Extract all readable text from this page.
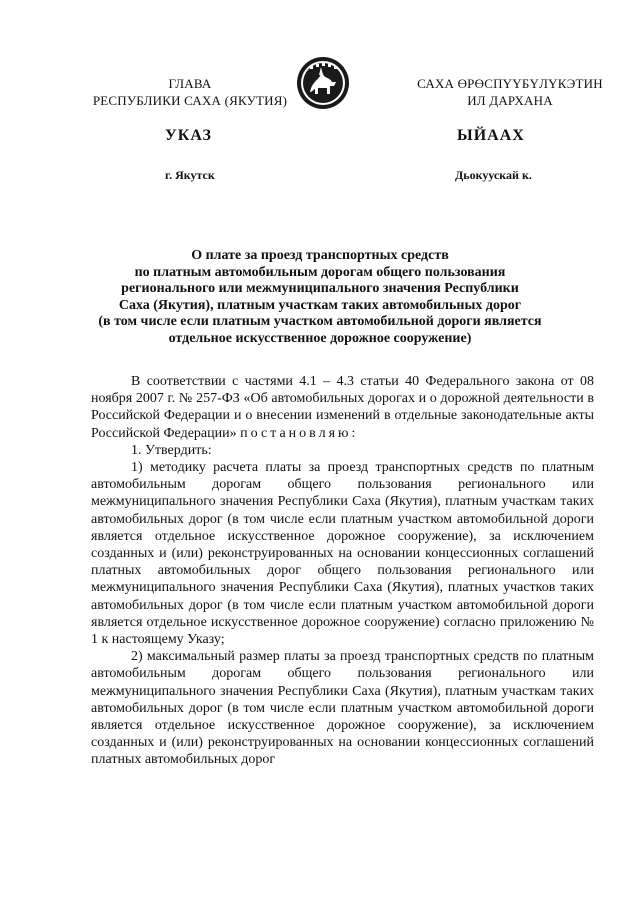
ГЛАВА
РЕСПУБЛИКИ САХА (ЯКУТИЯ)
САХА ӨРӨСПҮҮБҮЛҮКЭТИН
ИЛ ДАРХАНА
УКАЗ	ЫЙААХ
г. Якутск	Дьокуускай к.
О плате за проезд транспортных средств
по платным автомобильным дорогам общего пользования
регионального или межмуниципального значения Республики
Саха (Якутия), платным участкам таких автомобильных дорог
(в том числе если платным участком автомобильной дороги является
отдельное искусственное дорожное сооружение)

В соответствии с частями 4.1 – 4.3 статьи 40 Федерального закона от 08 ноября 2007 г. № 257-ФЗ «Об автомобильных дорогах и о дорожной деятельности в Российской Федерации и о внесении изменений в отдельные законодательные акты Российской Федерации» постановляю:

1. Утвердить:

1) методику расчета платы за проезд транспортных средств по платным автомобильным дорогам общего пользования регионального или межмуниципального значения Республики Саха (Якутия), платным участкам таких автомобильных дорог (в том числе если платным участком автомобильной дороги является отдельное искусственное дорожное сооружение), за исключением созданных и (или) реконструированных на основании концессионных соглашений платных автомобильных дорог общего пользования регионального или межмуниципального значения Республики Саха (Якутия), платных участков таких автомобильных дорог (в том числе если платным участком автомобильной дороги является отдельное искусственное дорожное сооружение) согласно приложению № 1 к настоящему Указу;

2) максимальный размер платы за проезд транспортных средств по платным автомобильным дорогам общего пользования регионального или межмуниципального значения Республики Саха (Якутия), платным участкам таких автомобильных дорог (в том числе если платным участком автомобильной дороги является отдельное искусственное дорожное сооружение), за исключением созданных и (или) реконструированных на основании концессионных соглашений платных автомобильных дорог
